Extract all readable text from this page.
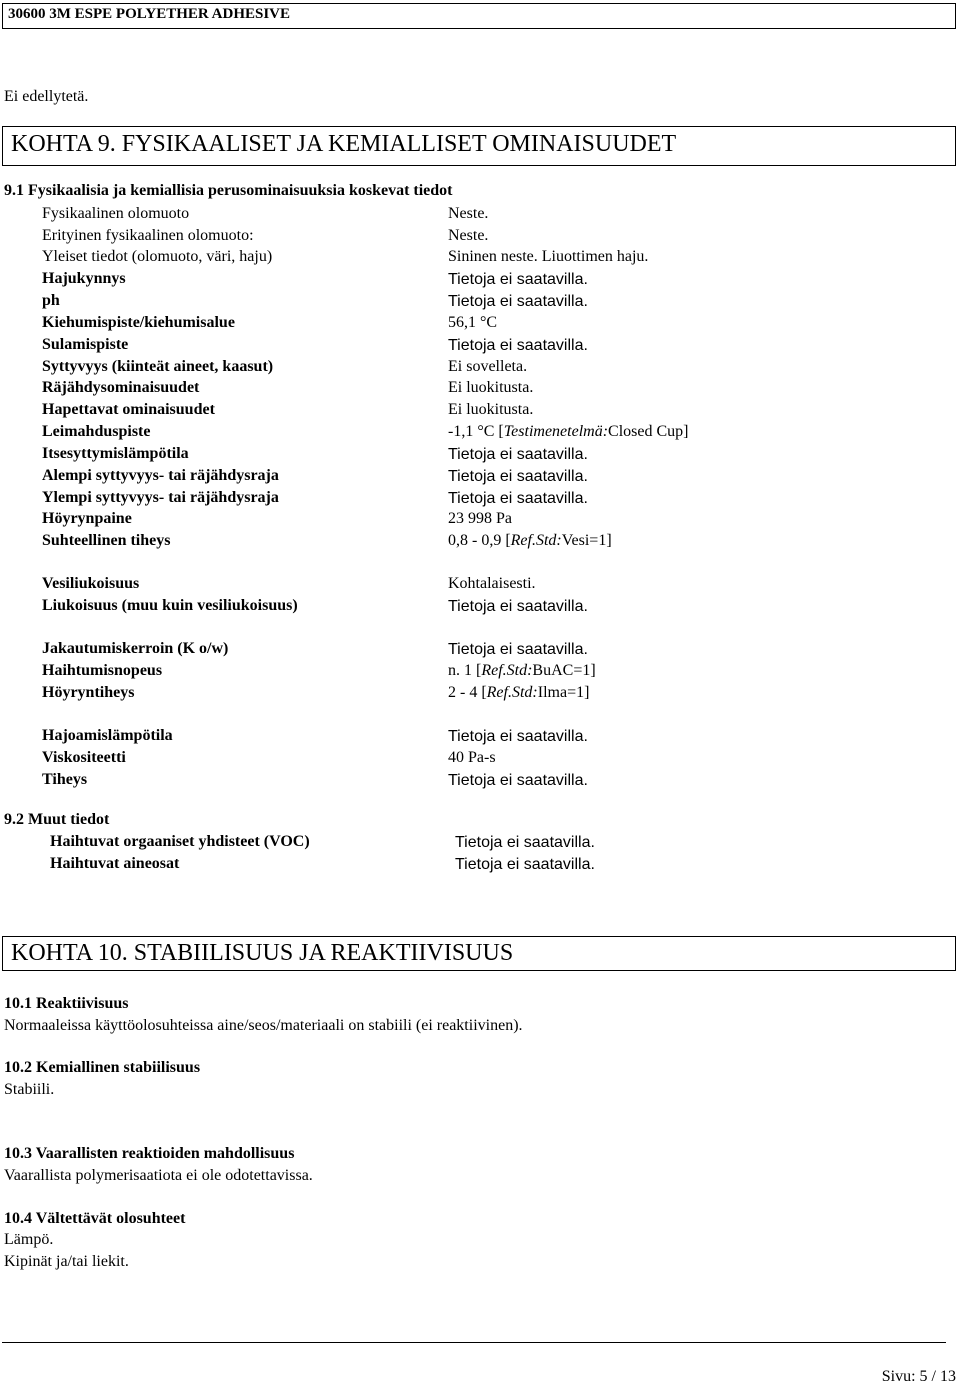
30600 3M ESPE POLYETHER ADHESIVE
Ei edellytetä.
KOHTA 9. FYSIKAALISET JA KEMIALLISET OMINAISUUDET
9.1 Fysikaalisia ja kemiallisia perusominaisuuksia koskevat tiedot
Fysikaalinen olomuoto	Neste.
Erityinen fysikaalinen olomuoto:	Neste.
Yleiset tiedot (olomuoto, väri, haju)	Sininen neste. Liuottimen haju.
Hajukynnys	Tietoja ei saatavilla.
ph	Tietoja ei saatavilla.
Kiehumispiste/kiehumisalue	56,1 °C
Sulamispiste	Tietoja ei saatavilla.
Syttyvyys (kiinteät aineet, kaasut)	Ei sovelleta.
Räjähdysominaisuudet	Ei luokitusta.
Hapettavat ominaisuudet	Ei luokitusta.
Leimahduspiste	-1,1 °C [Testimenetelmä:Closed Cup]
Itsesyttymislämpötila	Tietoja ei saatavilla.
Alempi syttyvyys- tai räjähdysraja	Tietoja ei saatavilla.
Ylempi syttyvyys- tai räjähdysraja	Tietoja ei saatavilla.
Höyrynpaine	23 998 Pa
Suhteellinen tiheys	0,8 - 0,9 [Ref.Std:Vesi=1]
Vesiliukoisuus	Kohtalaisesti.
Liukoisuus (muu kuin vesiliukoisuus)	Tietoja ei saatavilla.
Jakautumiskerroin (K o/w)	Tietoja ei saatavilla.
Haihtumisnopeus	n. 1 [Ref.Std:BuAC=1]
Höyryntiheys	2 - 4 [Ref.Std:Ilma=1]
Hajoamislämpötila	Tietoja ei saatavilla.
Viskositeetti	40 Pa-s
Tiheys	Tietoja ei saatavilla.
9.2 Muut tiedot
Haihtuvat orgaaniset yhdisteet (VOC)	Tietoja ei saatavilla.
Haihtuvat aineosat	Tietoja ei saatavilla.
KOHTA 10. STABIILISUUS JA REAKTIIVISUUS
10.1 Reaktiivisuus
Normaaleissa käyttöolosuhteissa aine/seos/materiaali on stabiili (ei reaktiivinen).
10.2 Kemiallinen stabiilisuus
Stabiili.
10.3 Vaarallisten reaktioiden mahdollisuus
Vaarallista polymerisaatiota ei ole odotettavissa.
10.4 Vältettävät olosuhteet
Lämpö.
Kipinät ja/tai liekit.
Sivu: 5 / 13
